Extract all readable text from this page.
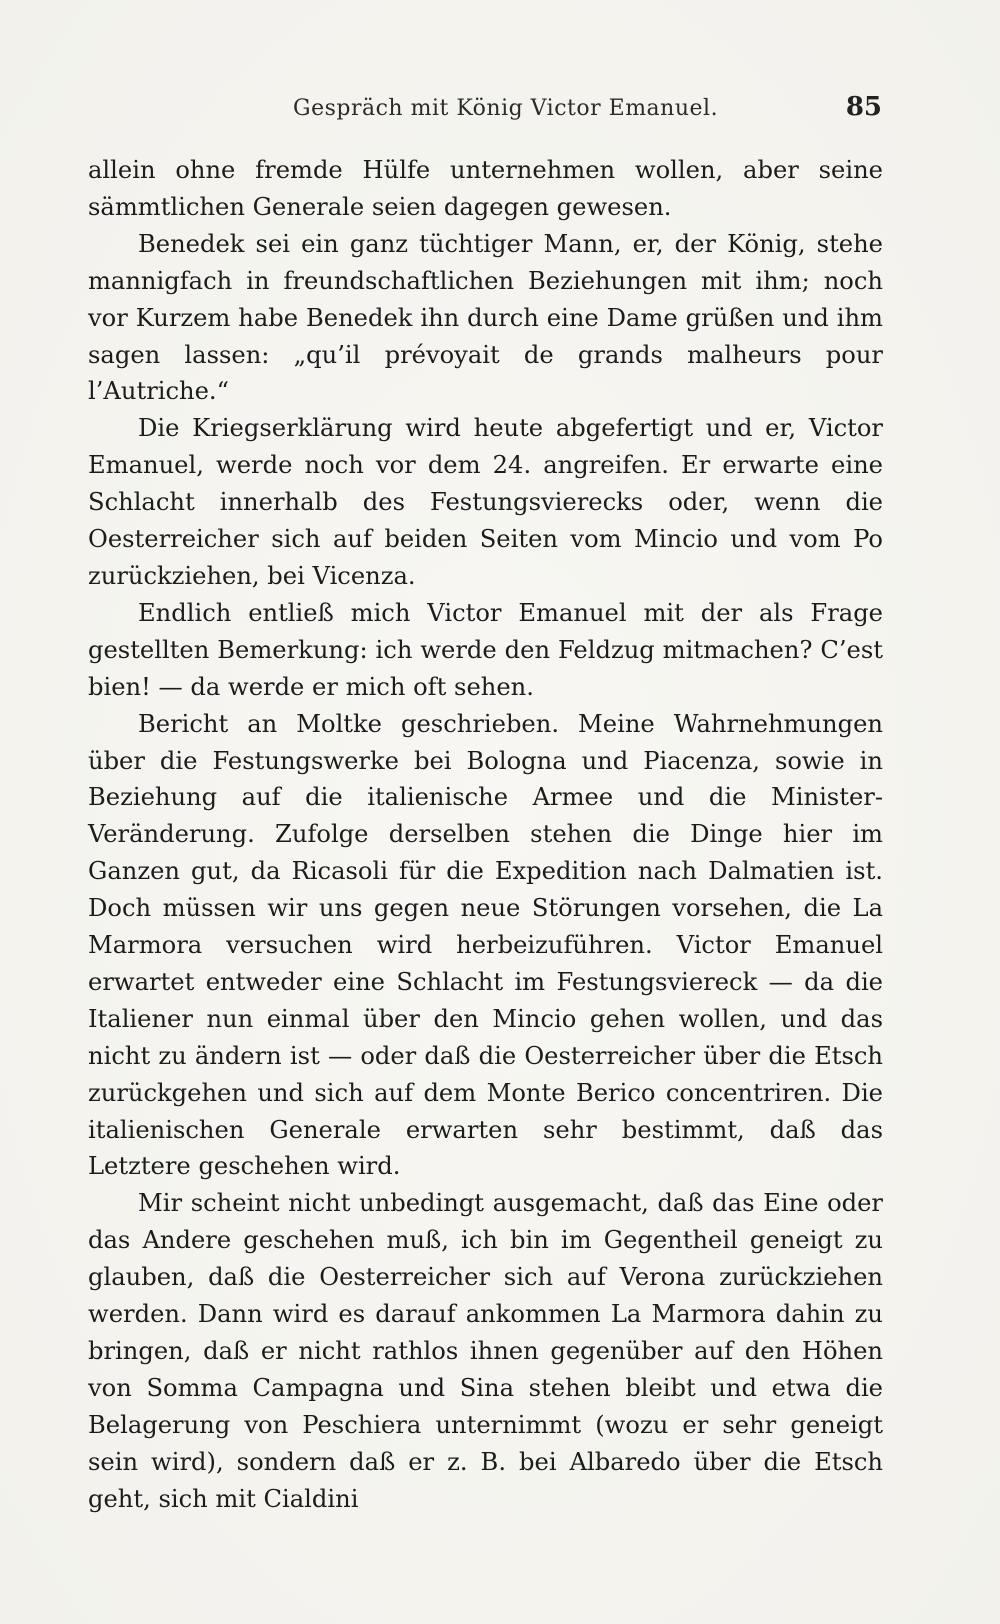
Gespräch mit König Victor Emanuel.	85

allein ohne fremde Hülfe unternehmen wollen, aber seine sämmtlichen Generale seien dagegen gewesen.

Benedek sei ein ganz tüchtiger Mann, er, der König, stehe mannigfach in freundschaftlichen Beziehungen mit ihm; noch vor Kurzem habe Benedek ihn durch eine Dame grüßen und ihm sagen lassen: „qu’il prévoyait de grands malheurs pour l’Autriche.“

Die Kriegserklärung wird heute abgefertigt und er, Victor Emanuel, werde noch vor dem 24. angreifen. Er erwarte eine Schlacht innerhalb des Festungsvierecks oder, wenn die Oesterreicher sich auf beiden Seiten vom Mincio und vom Po zurückziehen, bei Vicenza.

Endlich entließ mich Victor Emanuel mit der als Frage gestellten Bemerkung: ich werde den Feldzug mitmachen? C’est bien! — da werde er mich oft sehen.

Bericht an Moltke geschrieben. Meine Wahrnehmungen über die Festungswerke bei Bologna und Piacenza, sowie in Beziehung auf die italienische Armee und die Minister-Veränderung. Zufolge derselben stehen die Dinge hier im Ganzen gut, da Ricasoli für die Expedition nach Dalmatien ist. Doch müssen wir uns gegen neue Störungen vorsehen, die La Marmora versuchen wird herbeizuführen. Victor Emanuel erwartet entweder eine Schlacht im Festungsviereck — da die Italiener nun einmal über den Mincio gehen wollen, und das nicht zu ändern ist — oder daß die Oesterreicher über die Etsch zurückgehen und sich auf dem Monte Berico concentriren. Die italienischen Generale erwarten sehr bestimmt, daß das Letztere geschehen wird.

Mir scheint nicht unbedingt ausgemacht, daß das Eine oder das Andere geschehen muß, ich bin im Gegentheil geneigt zu glauben, daß die Oesterreicher sich auf Verona zurückziehen werden. Dann wird es darauf ankommen La Marmora dahin zu bringen, daß er nicht rathlos ihnen gegenüber auf den Höhen von Somma Campagna und Sina stehen bleibt und etwa die Belagerung von Peschiera unternimmt (wozu er sehr geneigt sein wird), sondern daß er z. B. bei Albaredo über die Etsch geht, sich mit Cialdini
